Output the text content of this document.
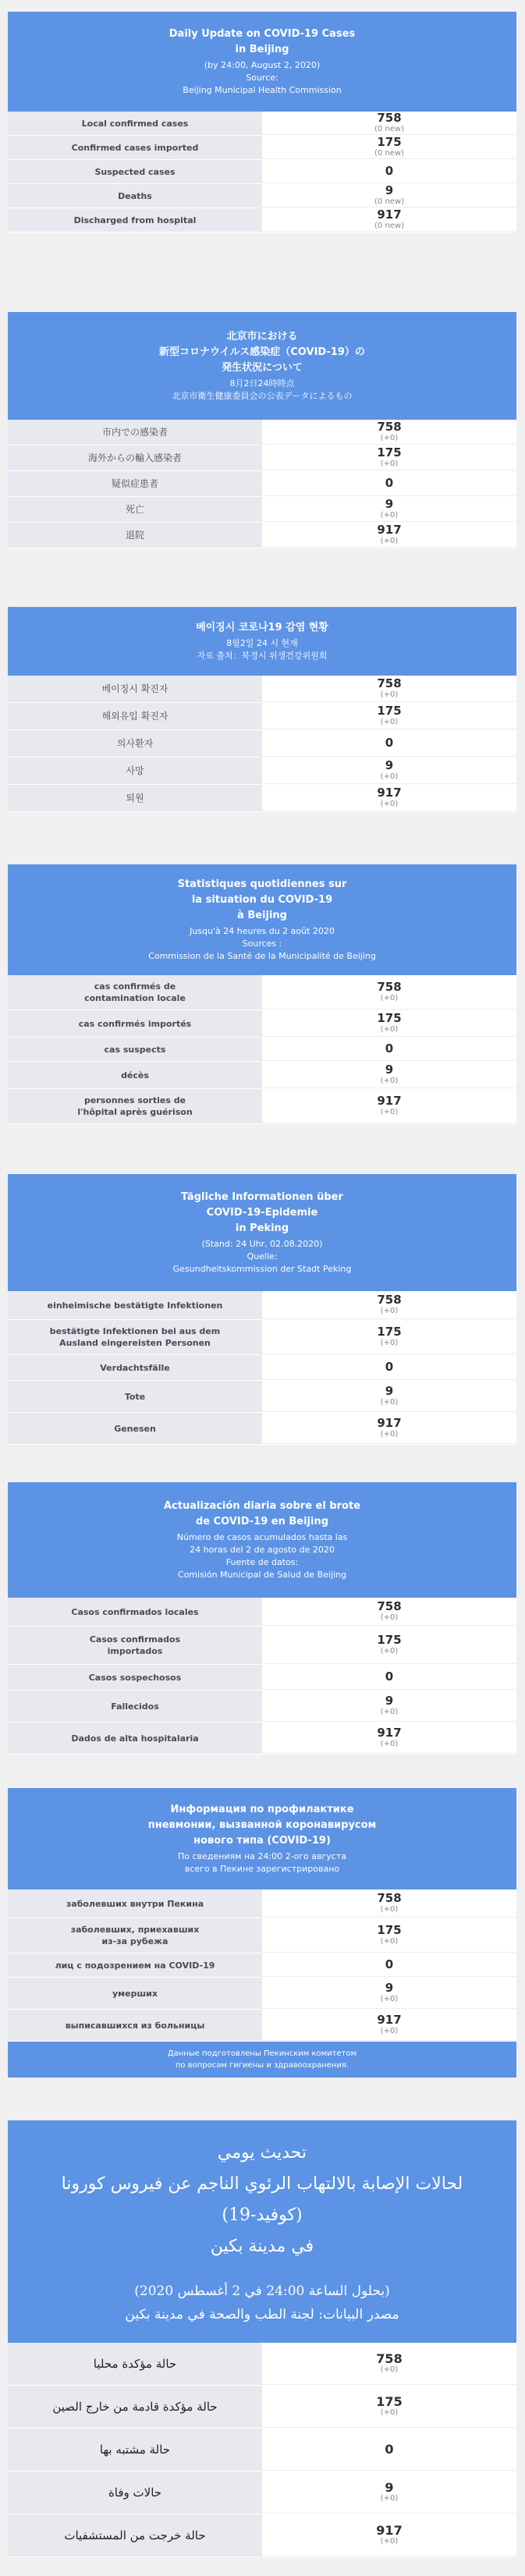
Daily Update on COVID-19 Cases
in Beijing
(by 24:00, August 2, 2020)
Source:
Beijing Municipal Health Commission
Local confirmed cases	758
(0 new)
Confirmed cases imported	175
(0 new)
Suspected cases	0
Deaths	9
(0 new)
Discharged from hospital	917
(0 new)
北京市における
新型コロナウイルス感染症（COVID-19）の
発生状況について
8月2日24時時点
北京市衛生健康委員会の公表データによるもの
市内での感染者	758
(+0)
海外からの輸入感染者	175
(+0)
疑似症患者	0
死亡	9
(+0)
退院	917
(+0)
베이징시 코로나19 감염 현황
8월2일 24 시 현재
자료 출처：북경시 위생건강위원회
베이징시 확진자	758
(+0)
해외유입 확진자	175
(+0)
의사환자	0
사망	9
(+0)
퇴원	917
(+0)
Statistiques quotidiennes sur
la situation du COVID-19
à Beijing
Jusqu'à 24 heures du 2 août 2020
Sources :
Commission de la Santé de la Municipalité de Beijing
cas confirmés de
contamination locale
758
(+0)
cas confirmés importés	175
(+0)
cas suspects	0
décès	9
(+0)
personnes sorties de
l'hôpital après guérison
917
(+0)
Tägliche Informationen über
COVID-19-Epidemie
in Peking
(Stand: 24 Uhr, 02.08.2020)
Quelle:
Gesundheitskommission der Stadt Peking
einheimische bestätigte Infektionen	758
(+0)
bestätigte Infektionen bei aus dem
Ausland eingereisten Personen
175
(+0)
Verdachtsfälle	0
Tote	9
(+0)
Genesen	917
(+0)
Actualización diaria sobre el brote
de COVID-19 en Beijing
Número de casos acumulados hasta las
24 horas del 2 de agosto de 2020
Fuente de datos:
Comisión Municipal de Salud de Beijing
Casos confirmados locales	758
(+0)
Casos confirmados
importados
175
(+0)
Casos sospechosos	0
Fallecidos	9
(+0)
Dados de alta hospitalaria	917
(+0)
Информация по профилактике
пневмонии, вызванной коронавирусом
нового типа (COVID-19)
По сведениям на 24:00 2-ого августа
всего в Пекине зарегистрировано
заболевших внутри Пекина	758
(+0)
заболевших, приехавших
из-за рубежа
175
(+0)
лиц с подозрением на COVID-19	0
умерших	9
(+0)
выписавшихся из больницы	917
(+0)
Данные подготовлены Пекинским комитетом
по вопросам гигиены и здравоохранения.
تحديث يومي
لحالات الإصابة بالالتهاب الرئوي الناجم عن فيروس كورونا (كوفيد-19)
في مدينة بكين
(بحلول الساعة 24:00 في 2 أغسطس 2020)
مصدر البيانات: لجنة الطب والصحة في مدينة بكين
حالة مؤكدة محليا	758
(+0)
حالة مؤكدة قادمة من خارج الصين	175
(+0)
حالة مشتبه بها	0
حالات وفاة	9
(+0)
حالة خرجت من المستشفيات	917
(+0)
